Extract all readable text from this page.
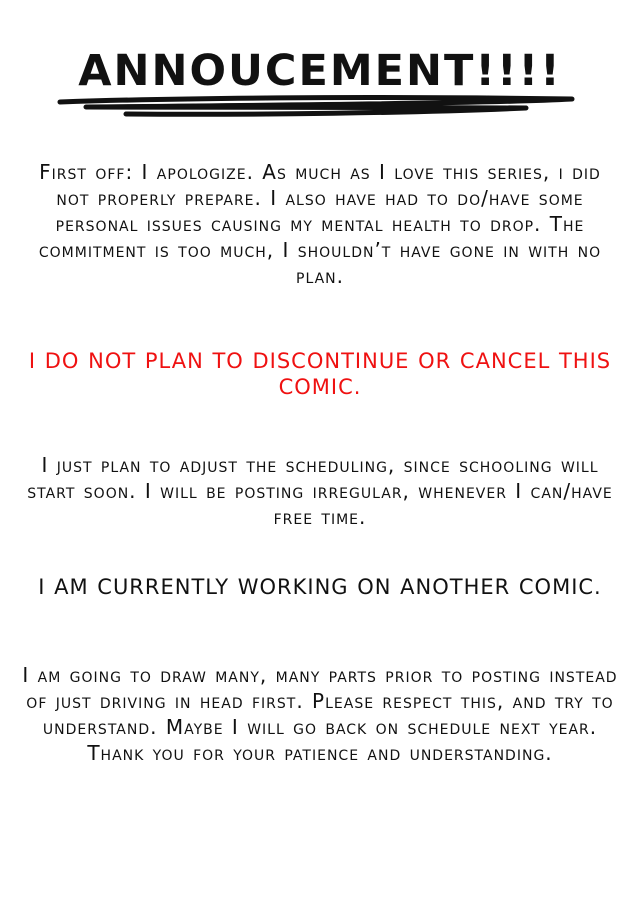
ANNOUCEMENT!!!!
First off: I apologize. As much as I love this series, i did not properly prepare. I also have had to do/have some personal issues causing my mental health to drop. The commitment is too much, I shouldn’t have gone in with no plan.
I DO NOT PLAN TO DISCONTINUE OR CANCEL THIS COMIC.
I just plan to adjust the scheduling, since schooling will start soon. I will be posting irregular, whenever I can/have free time.
I AM CURRENTLY WORKING ON ANOTHER COMIC.
I am going to draw many, many parts prior to posting instead of just driving in head first. Please respect this, and try to understand. Maybe I will go back on schedule next year. Thank you for your patience and understanding.
